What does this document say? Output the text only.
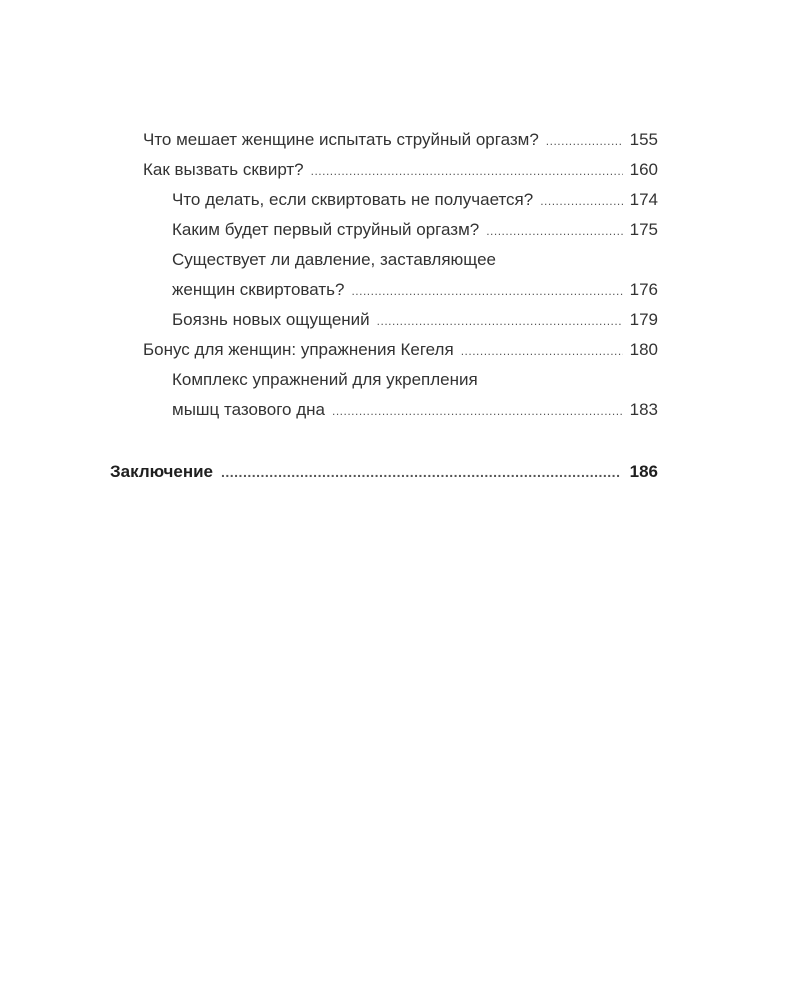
Что мешает женщине испытать струйный оргазм? .....	155
Как вызвать сквирт? .....	160
Что делать, если сквиртовать не получается? .....	174
Каким будет первый струйный оргазм? .....	175
Существует ли давление, заставляющее
женщин сквиртовать? .....	176
Боязнь новых ощущений .....	179
Бонус для женщин: упражнения Кегеля .....	180
Комплекс упражнений для укрепления
мышц тазового дна .....	183
Заключение .....	186
